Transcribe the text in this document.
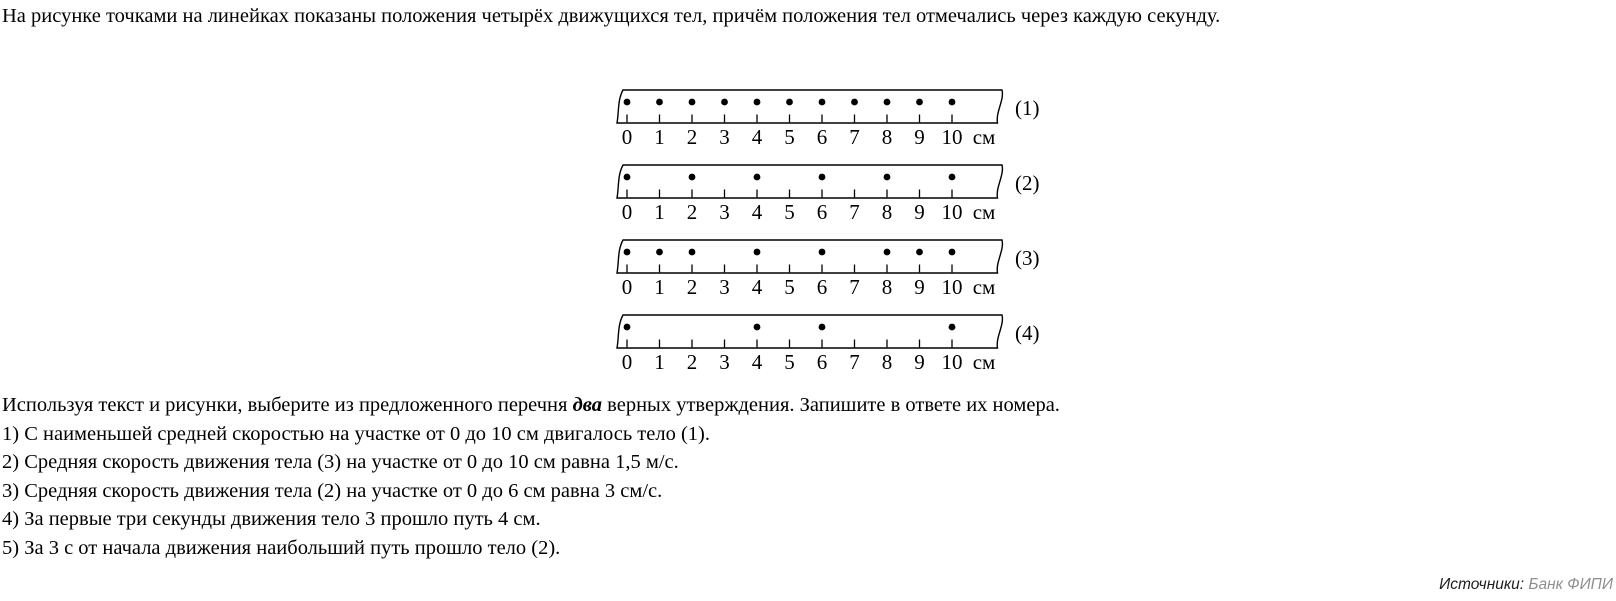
На рисунке точками на линейках показаны положения четырёх движущихся тел, причём положения тел отмечались через каждую секунду.

0 1 2 3 4 5 6 7 8 9 10 см
(1)
0 1 2 3 4 5 6 7 8 9 10 см
(2)
0 1 2 3 4 5 6 7 8 9 10 см
(3)
0 1 2 3 4 5 6 7 8 9 10 см
(4)

Используя текст и рисунки, выберите из предложенного перечня два верных утверждения. Запишите в ответе их номера.

1) С наименьшей средней скоростью на участке от 0 до 10 см двигалось тело (1).

2) Средняя скорость движения тела (3) на участке от 0 до 10 см равна 1,5 м/с.

3) Средняя скорость движения тела (2) на участке от 0 до 6 см равна 3 см/с.

4) За первые три секунды движения тело 3 прошло путь 4 см.

5) За 3 с от начала движения наибольший путь прошло тело (2).

Источники: Банк ФИПИ
